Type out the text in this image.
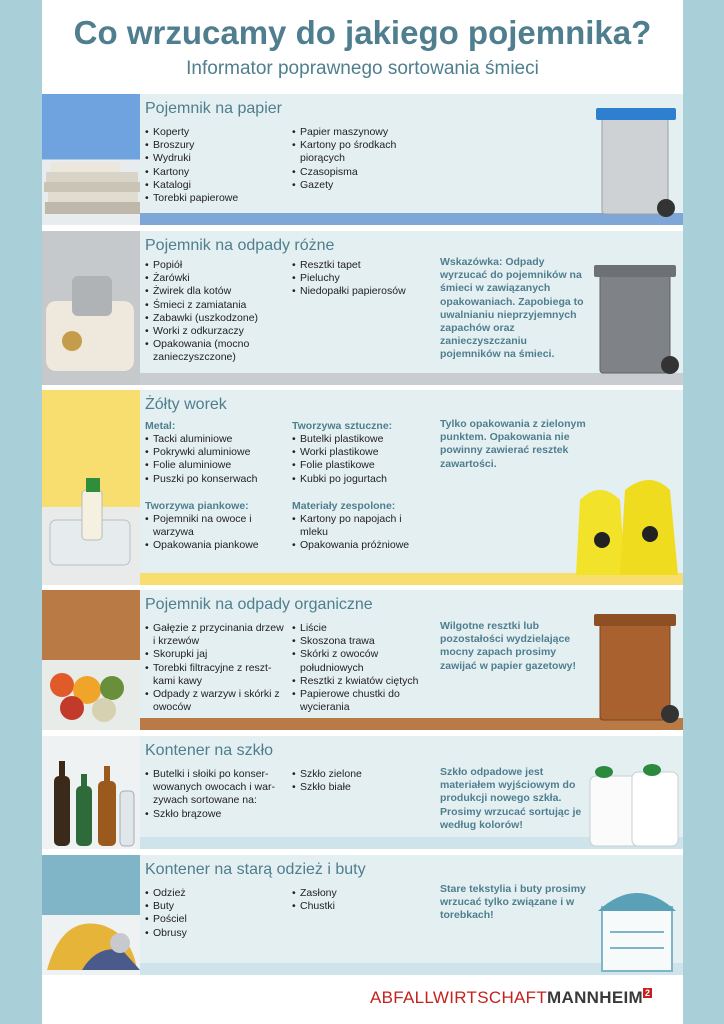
Co wrzucamy do jakiego pojemnika?
Informator poprawnego sortowania śmieci
Pojemnik na papier
• Koperty
• Broszury
• Wydruki
• Kartony
• Katalogi
• Torebki papierowe
• Papier maszynowy
• Kartony po środkach piorących
• Czasopisma
• Gazety
Pojemnik na odpady różne
• Popiół
• Żarówki
• Żwirek dla kotów
• Śmieci z zamiatania
• Zabawki (uszkodzone)
• Worki z odkurzaczy
• Opakowania (mocno zanieczyszczone)
• Resztki tapet
• Pieluchy
• Niedopałki papierosów
Wskazówka: Odpady wyrzucać do pojemników na śmieci w zawiązanych opakowaniach. Zapobiega to uwalnianiu nieprzyjemnych zapachów oraz zanieczyszczaniu pojemników na śmieci.
Żółty worek
Metal:
• Tacki aluminiowe
• Pokrywki aluminiowe
• Folie aluminiowe
• Puszki po konserwach
Tworzywa sztuczne:
• Butelki plastikowe
• Worki plastikowe
• Folie plastikowe
• Kubki po jogurtach
Tworzywa piankowe:
• Pojemniki na owoce i warzywa
• Opakowania piankowe
Materiały zespolone:
• Kartony po napojach i mleku
• Opakowania próżniowe
Tylko opakowania z zielonym punktem. Opakowania nie powinny zawierać resztek zawartości.
Pojemnik na odpady organiczne
• Gałęzie z przycinania drzew i krzewów
• Skorupki jaj
• Torebki filtracyjne z reszt-kami kawy
• Odpady z warzyw i skórki z owoców
• Liście
• Skoszona trawa
• Skórki z owoców południowych
• Resztki z kwiatów ciętych
• Papierowe chustki do wycierania
Wilgotne resztki lub pozostałości wydzielające mocny zapach prosimy zawijać w papier gazetowy!
Kontener na szkło
• Butelki i słoiki po konser-wowanych owocach i war-zywach sortowane na:
• Szkło brązowe
• Szkło zielone
• Szkło białe
Szkło odpadowe jest materiałem wyjściowym do produkcji nowego szkła. Prosimy wrzucać sortując je według kolorów!
Kontener na starą odzież i buty
• Odzież
• Buty
• Pościel
• Obrusy
• Zasłony
• Chustki
Stare tekstylia i buty prosimy wrzucać tylko związane i w torebkach!
ABFALLWIRTSCHAFTMANNHEIM $^2$
